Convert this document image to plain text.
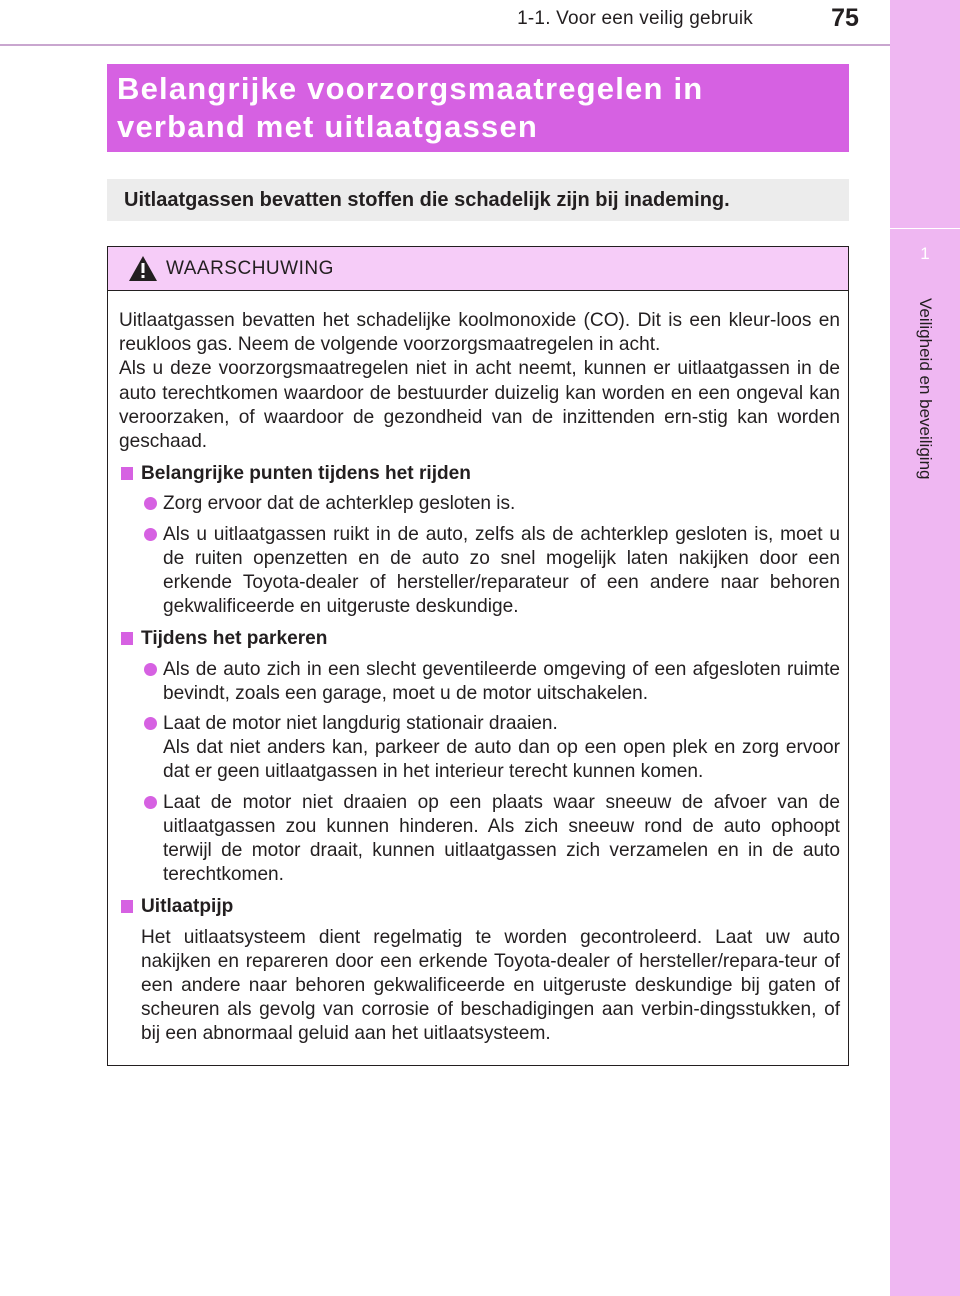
1-1. Voor een veilig gebruik	75
1
Veiligheid en beveiliging

Belangrijke voorzorgsmaatregelen in

verband met uitlaatgassen

Uitlaatgassen bevatten stoffen die schadelijk zijn bij inademing.
WAARSCHUWING

Uitlaatgassen bevatten het schadelijke koolmonoxide (CO). Dit is een kleur-loos en reukloos gas. Neem de volgende voorzorgsmaatregelen in acht.

Als u deze voorzorgsmaatregelen niet in acht neemt, kunnen er uitlaatgassen in de auto terechtkomen waardoor de bestuurder duizelig kan worden en een ongeval kan veroorzaken, of waardoor de gezondheid van de inzittenden ern-stig kan worden geschaad.

Belangrijke punten tijdens het rijden

Zorg ervoor dat de achterklep gesloten is.

Als u uitlaatgassen ruikt in de auto, zelfs als de achterklep gesloten is, moet u de ruiten openzetten en de auto zo snel mogelijk laten nakijken door een erkende Toyota-dealer of hersteller/reparateur of een andere naar behoren gekwalificeerde en uitgeruste deskundige.

Tijdens het parkeren

Als de auto zich in een slecht geventileerde omgeving of een afgesloten ruimte bevindt, zoals een garage, moet u de motor uitschakelen.

Laat de motor niet langdurig stationair draaien.

Als dat niet anders kan, parkeer de auto dan op een open plek en zorg ervoor dat er geen uitlaatgassen in het interieur terecht kunnen komen.

Laat de motor niet draaien op een plaats waar sneeuw de afvoer van de uitlaatgassen zou kunnen hinderen. Als zich sneeuw rond de auto ophoopt terwijl de motor draait, kunnen uitlaatgassen zich verzamelen en in de auto terechtkomen.

Uitlaatpijp

Het uitlaatsysteem dient regelmatig te worden gecontroleerd. Laat uw auto nakijken en repareren door een erkende Toyota-dealer of hersteller/repara-teur of een andere naar behoren gekwalificeerde en uitgeruste deskundige bij gaten of scheuren als gevolg van corrosie of beschadigingen aan verbin-dingsstukken, of bij een abnormaal geluid aan het uitlaatsysteem.
